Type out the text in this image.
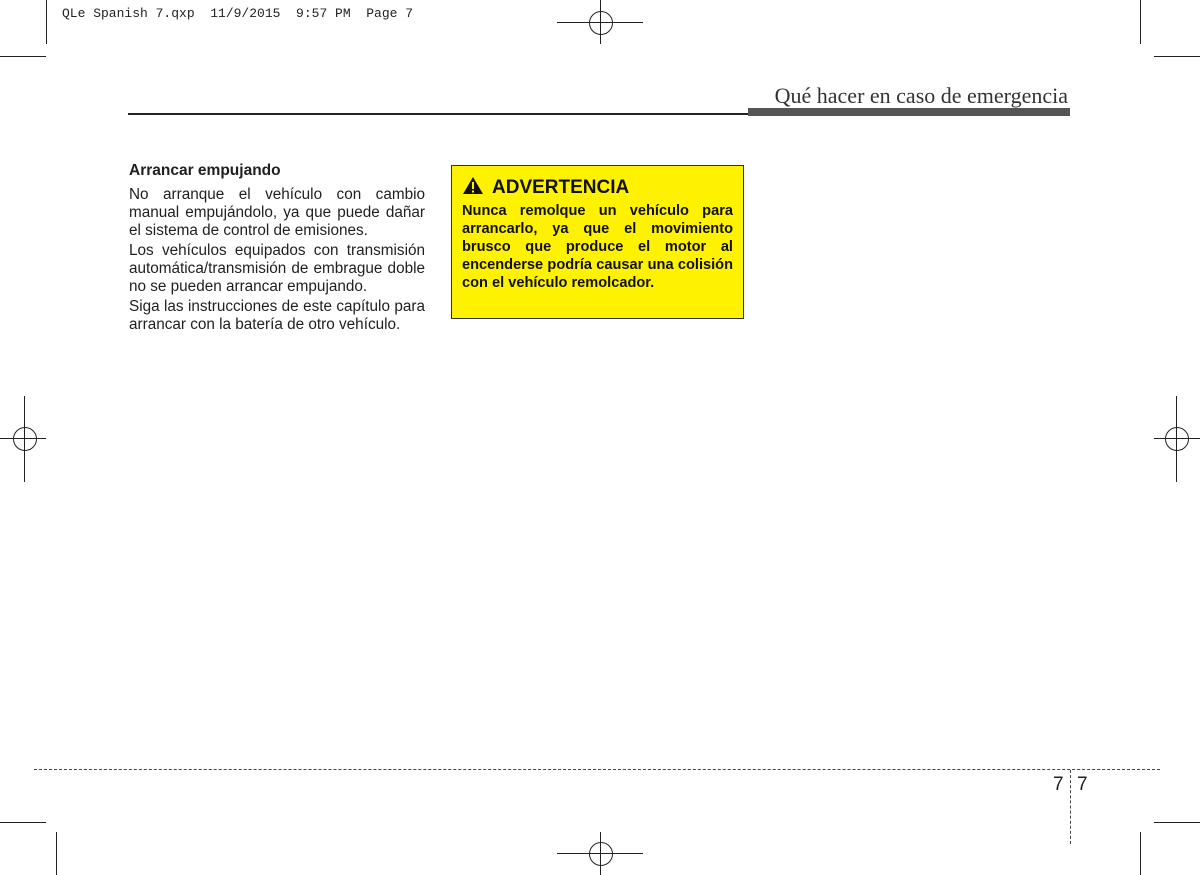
QLe Spanish 7.qxp  11/9/2015  9:57 PM  Page 7
Qué hacer en caso de emergencia
Arrancar empujando

No arranque el vehículo con cambio manual empujándolo, ya que puede dañar el sistema de control de emisiones.

Los vehículos equipados con transmisión automática/transmisión de embrague doble no se pueden arrancar empujando.

Siga las instrucciones de este capítulo para arrancar con la batería de otro vehículo.

ADVERTENCIA

Nunca remolque un vehículo para arrancarlo, ya que el movimiento brusco que produce el motor al encenderse podría causar una colisión con el vehículo remolcador.

7 7
